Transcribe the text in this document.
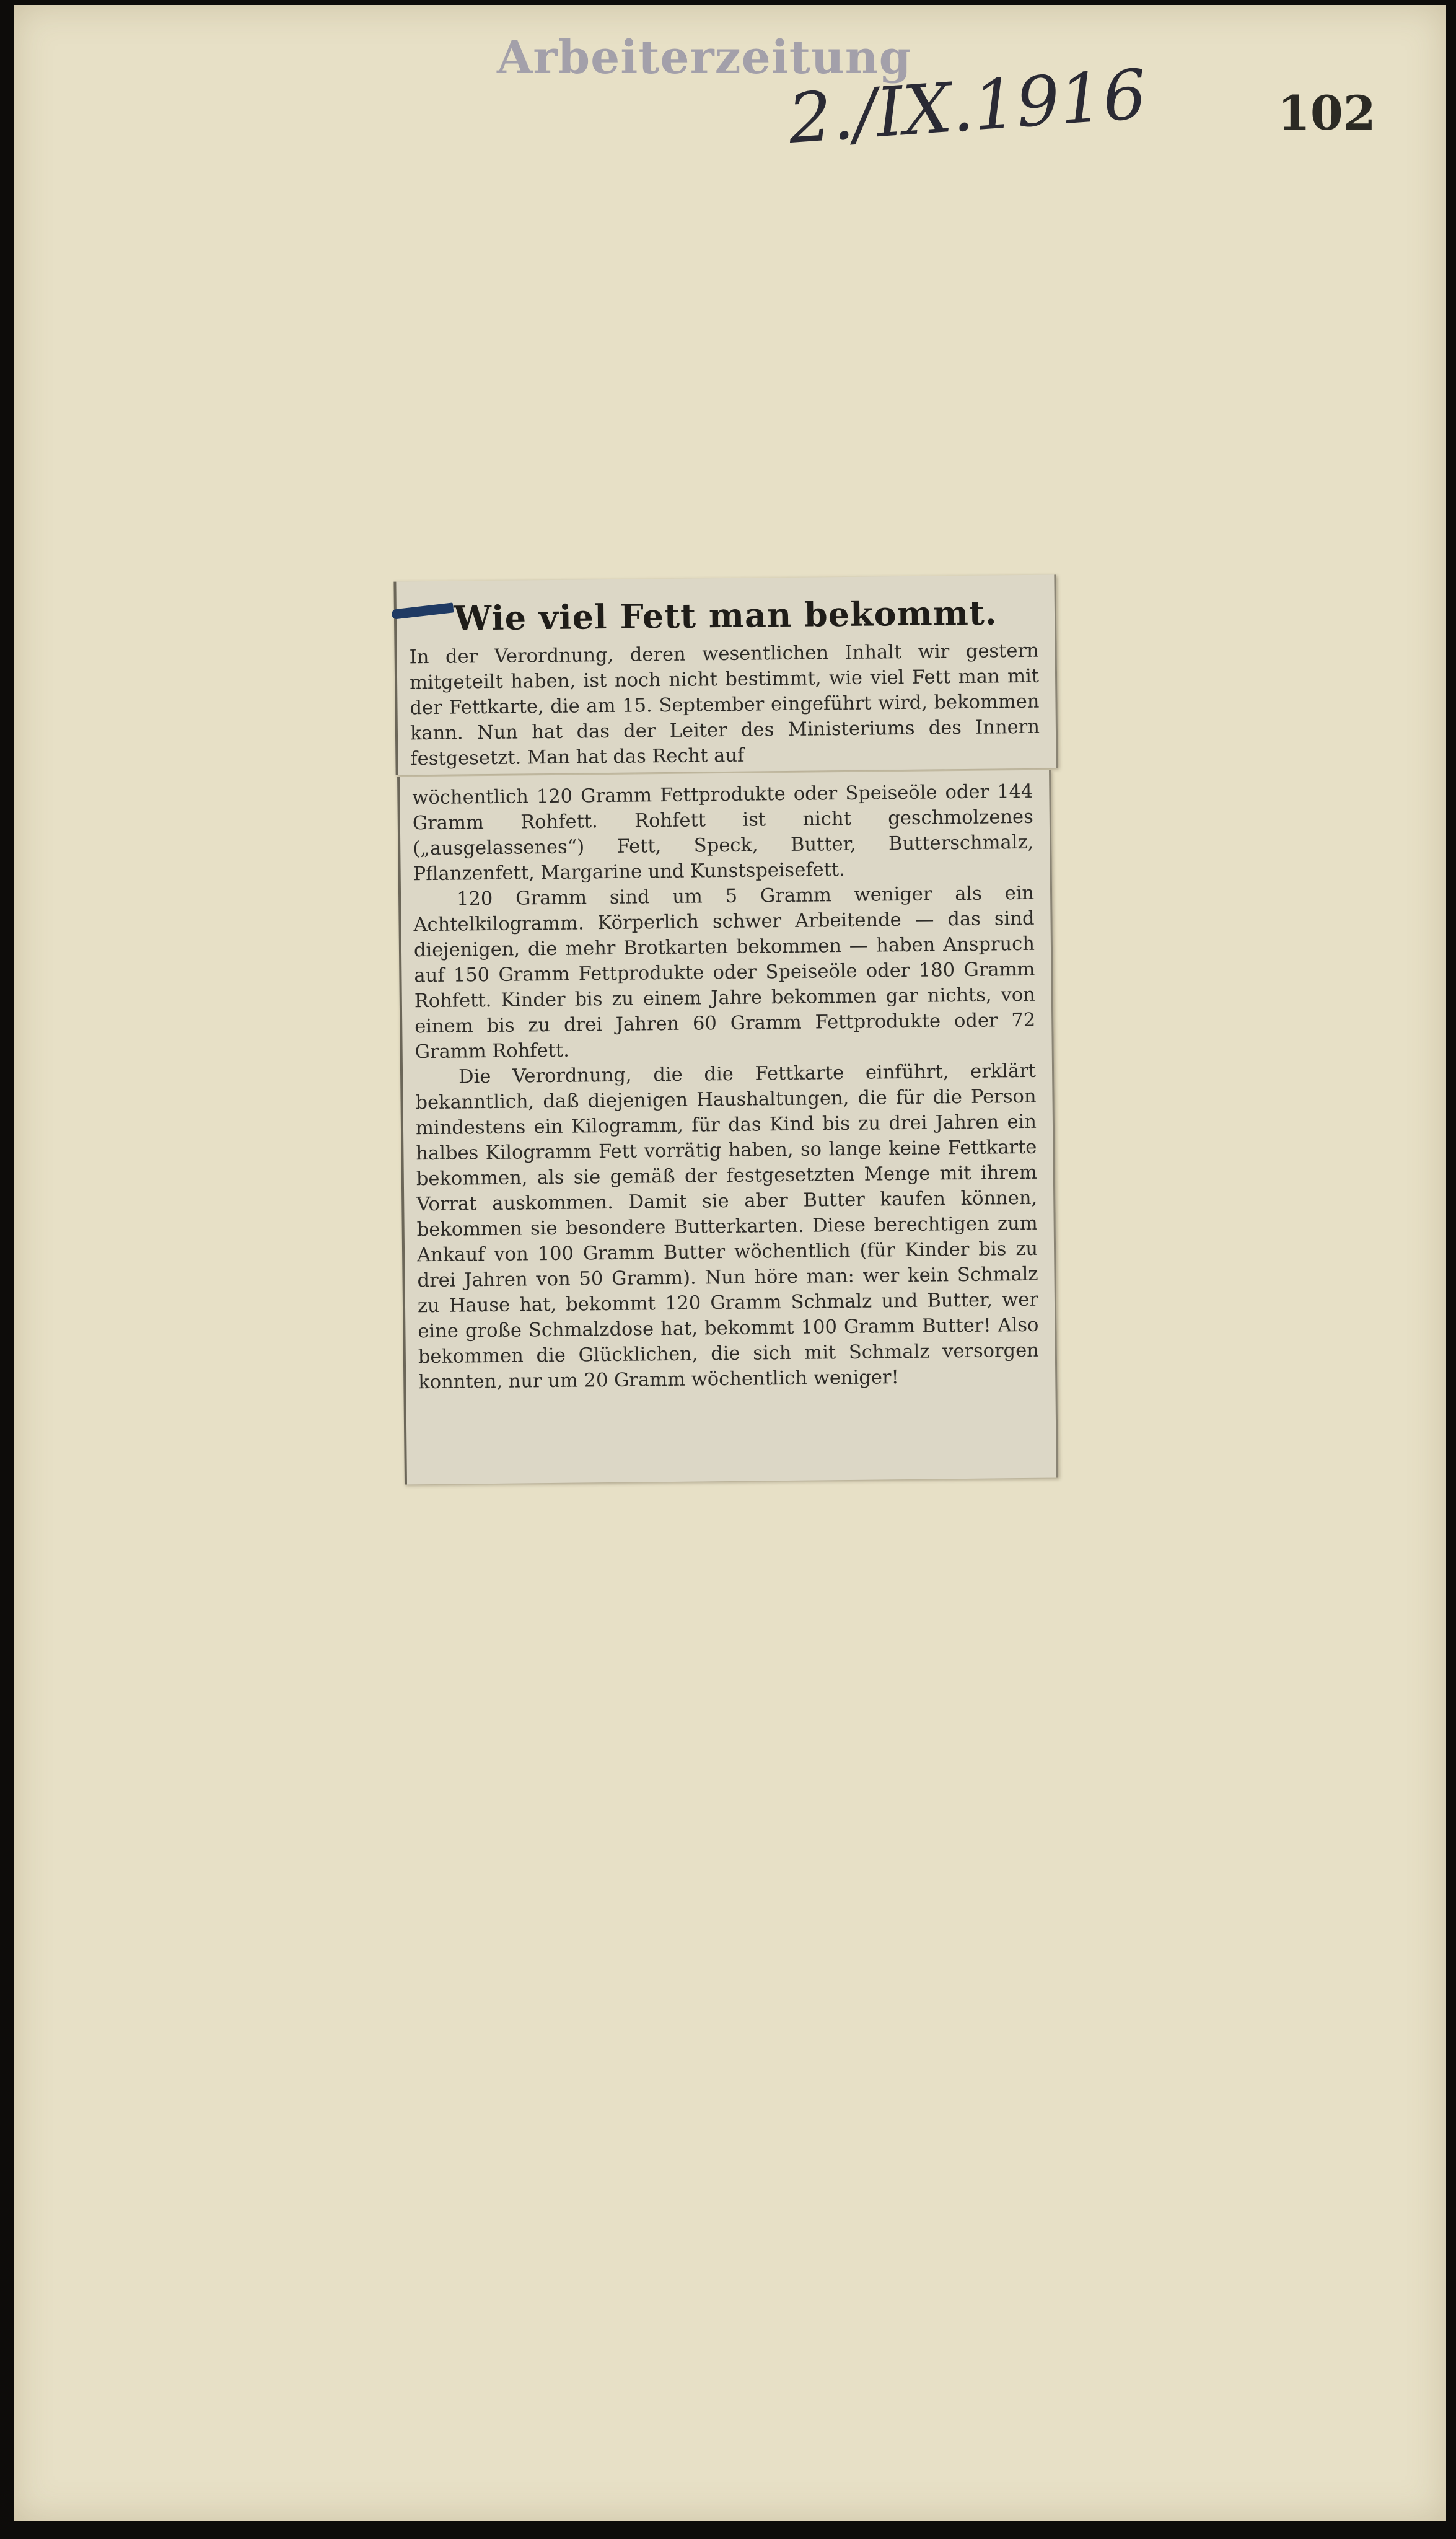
Arbeiterzeitung
2./IX.1916	102
Wie viel Fett man bekommt.

In der Verordnung, deren wesentlichen Inhalt wir gestern mitgeteilt haben, ist noch nicht bestimmt, wie viel Fett man mit der Fettkarte, die am 15. September eingeführt wird, bekommen kann. Nun hat das der Leiter des Ministeriums des Innern festgesetzt. Man hat das Recht auf

wöchentlich 120 Gramm Fettprodukte oder Speiseöle oder 144 Gramm Rohfett. Rohfett ist nicht geschmolzenes („ausgelassenes“) Fett, Speck, Butter, Butterschmalz, Pflanzenfett, Margarine und Kunstspeisefett.

120 Gramm sind um 5 Gramm weniger als ein Achtelkilogramm. Körperlich schwer Arbeitende — das sind diejenigen, die mehr Brotkarten bekommen — haben Anspruch auf 150 Gramm Fettprodukte oder Speiseöle oder 180 Gramm Rohfett. Kinder bis zu einem Jahre bekommen gar nichts, von einem bis zu drei Jahren 60 Gramm Fettprodukte oder 72 Gramm Rohfett.

Die Verordnung, die die Fettkarte einführt, erklärt bekanntlich, daß diejenigen Haushaltungen, die für die Person mindestens ein Kilogramm, für das Kind bis zu drei Jahren ein halbes Kilogramm Fett vorrätig haben, so lange keine Fettkarte bekommen, als sie gemäß der festgesetzten Menge mit ihrem Vorrat auskommen. Damit sie aber Butter kaufen können, bekommen sie besondere Butterkarten. Diese berechtigen zum Ankauf von 100 Gramm Butter wöchentlich (für Kinder bis zu drei Jahren von 50 Gramm). Nun höre man: wer kein Schmalz zu Hause hat, bekommt 120 Gramm Schmalz und Butter, wer eine große Schmalzdose hat, bekommt 100 Gramm Butter! Also bekommen die Glücklichen, die sich mit Schmalz versorgen konnten, nur um 20 Gramm wöchentlich weniger!
